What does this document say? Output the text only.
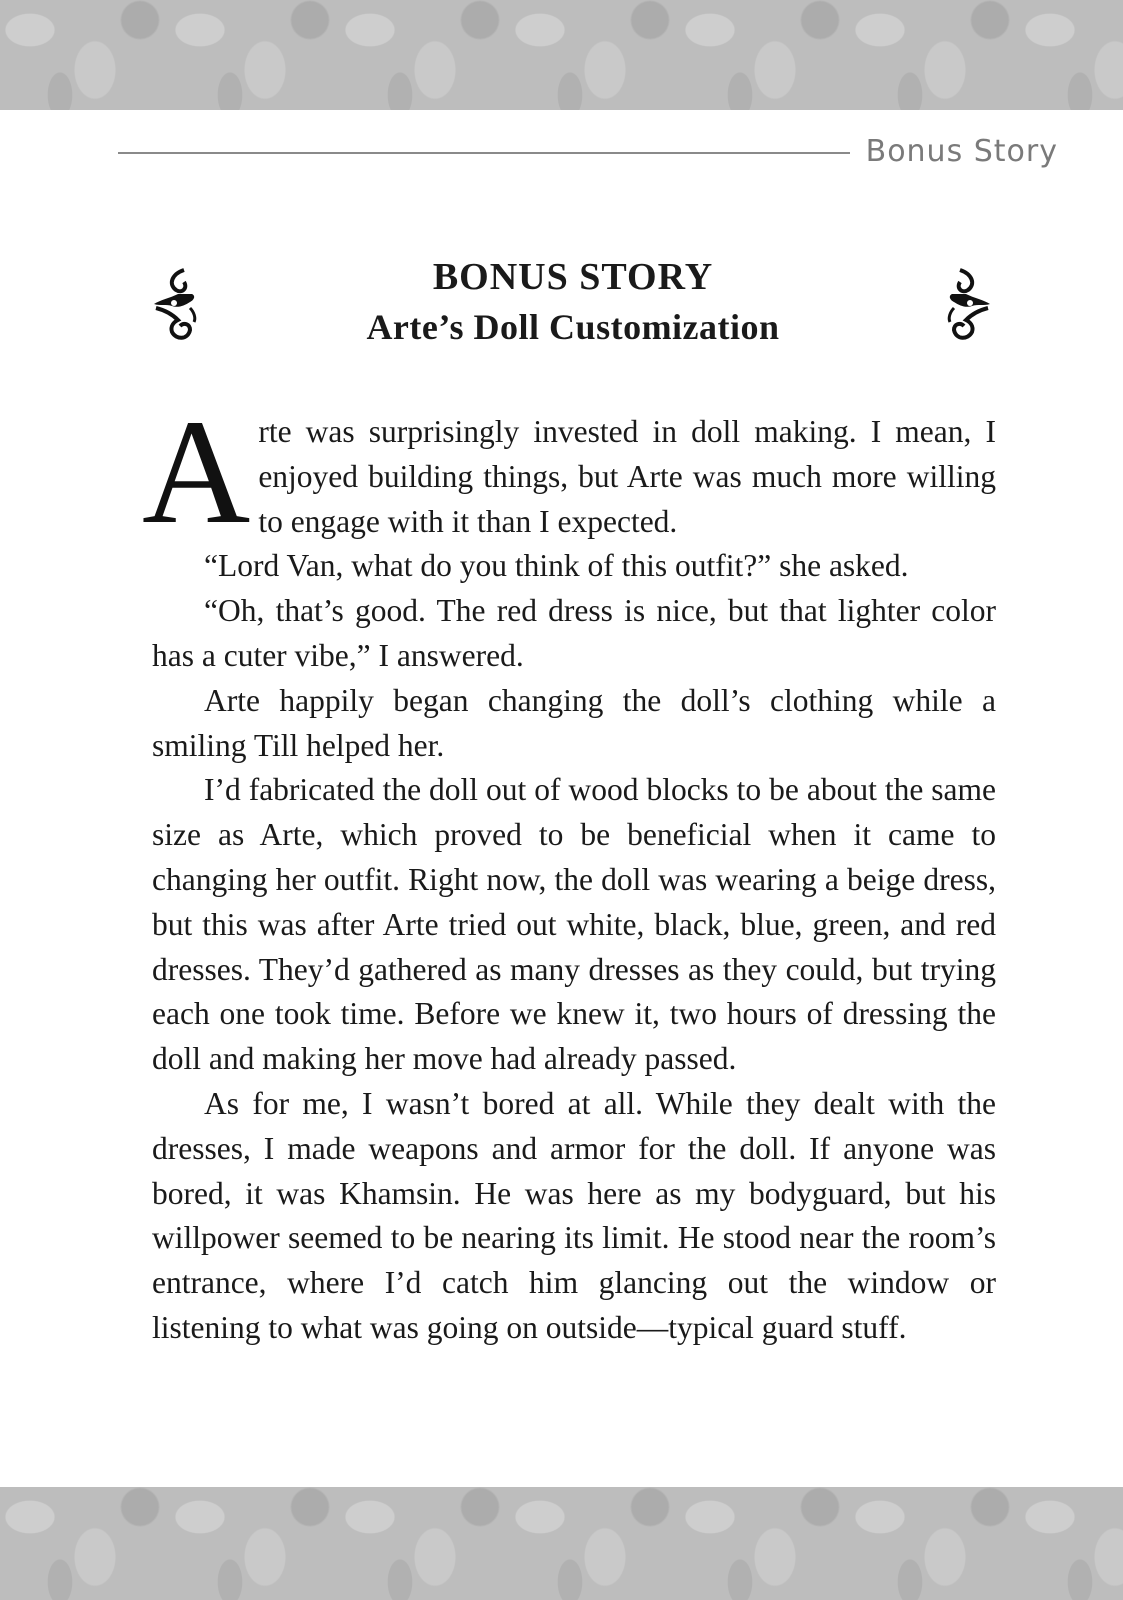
Bonus Story
BONUS STORY
Arte’s Doll Customization

Arte was surprisingly invested in doll making. I mean, I enjoyed building things, but Arte was much more willing to engage with it than I expected.

“Lord Van, what do you think of this outfit?” she asked.

“Oh, that’s good. The red dress is nice, but that lighter color has a cuter vibe,” I answered.

Arte happily began changing the doll’s clothing while a smiling Till helped her.

I’d fabricated the doll out of wood blocks to be about the same size as Arte, which proved to be beneficial when it came to changing her outfit. Right now, the doll was wearing a beige dress, but this was after Arte tried out white, black, blue, green, and red dresses. They’d gathered as many dresses as they could, but trying each one took time. Before we knew it, two hours of dressing the doll and making her move had already passed.

As for me, I wasn’t bored at all. While they dealt with the dresses, I made weapons and armor for the doll. If anyone was bored, it was Khamsin. He was here as my bodyguard, but his willpower seemed to be nearing its limit. He stood near the room’s entrance, where I’d catch him glancing out the window or listening to what was going on outside—typical guard stuff.
